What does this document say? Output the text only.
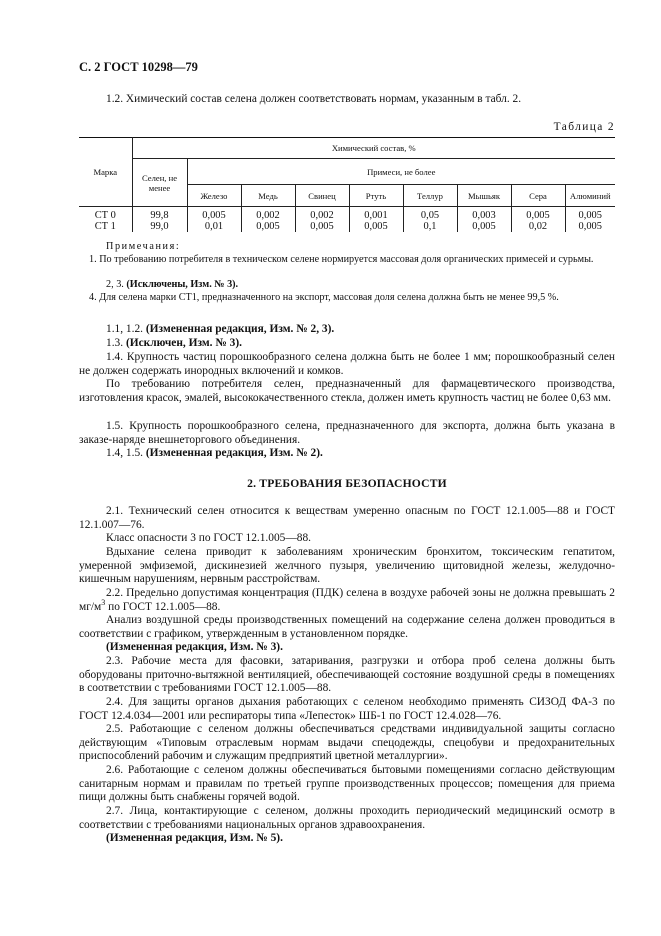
С. 2 ГОСТ 10298—79
1.2. Химический состав селена должен соответствовать нормам, указанным в табл. 2.
Таблица 2
Марка	Химический состав, %								
	Селен, не менее	Примеси, не более							
		Железо	Медь	Свинец	Ртуть	Теллур	Мышьяк	Сера	Алюминий
СТ 0	99,8	0,005	0,002	0,002	0,001	0,05	0,003	0,005	0,005
СТ 1	99,0	0,01	0,005	0,005	0,005	0,1	0,005	0,02	0,005
Примечания:
1. По требованию потребителя в техническом селене нормируется массовая доля органических примесей и сурьмы.
2, 3. (Исключены, Изм. № 3).
4. Для селена марки СТ1, предназначенного на экспорт, массовая доля селена должна быть не менее 99,5 %.
1.1, 1.2. (Измененная редакция, Изм. № 2, 3).
1.3. (Исключен, Изм. № 3).
1.4. Крупность частиц порошкообразного селена должна быть не более 1 мм; порошкообразный селен не должен содержать инородных включений и комков.
По требованию потребителя селен, предназначенный для фармацевтического производства, изготовления красок, эмалей, высококачественного стекла, должен иметь крупность частиц не более 0,63 мм.
1.5. Крупность порошкообразного селена, предназначенного для экспорта, должна быть указана в заказе-наряде внешнеторгового объединения.
1.4, 1.5. (Измененная редакция, Изм. № 2).
2. ТРЕБОВАНИЯ БЕЗОПАСНОСТИ
2.1. Технический селен относится к веществам умеренно опасным по ГОСТ 12.1.005—88 и ГОСТ 12.1.007—76.
Класс опасности 3 по ГОСТ 12.1.005—88.
Вдыхание селена приводит к заболеваниям хроническим бронхитом, токсическим гепатитом, умеренной эмфиземой, дискинезией желчного пузыря, увеличению щитовидной железы, желудочно-кишечным нарушениям, нервным расстройствам.
2.2. Предельно допустимая концентрация (ПДК) селена в воздухе рабочей зоны не должна превышать 2 $мг/м^3$ по ГОСТ 12.1.005—88.
Анализ воздушной среды производственных помещений на содержание селена должен проводиться в соответствии с графиком, утвержденным в установленном порядке.
(Измененная редакция, Изм. № 3).
2.3. Рабочие места для фасовки, затаривания, разгрузки и отбора проб селена должны быть оборудованы приточно-вытяжной вентиляцией, обеспечивающей состояние воздушной среды в помещениях в соответствии с требованиями ГОСТ 12.1.005—88.
2.4. Для защиты органов дыхания работающих с селеном необходимо применять СИЗОД ФА-3 по ГОСТ 12.4.034—2001 или респираторы типа «Лепесток» ШБ-1 по ГОСТ 12.4.028—76.
2.5. Работающие с селеном должны обеспечиваться средствами индивидуальной защиты согласно действующим «Типовым отраслевым нормам выдачи спецодежды, спецобуви и предохранительных приспособлений рабочим и служащим предприятий цветной металлургии».
2.6. Работающие с селеном должны обеспечиваться бытовыми помещениями согласно действующим санитарным нормам и правилам по третьей группе производственных процессов; помещения для приема пищи должны быть снабжены горячей водой.
2.7. Лица, контактирующие с селеном, должны проходить периодический медицинский осмотр в соответствии с требованиями национальных органов здравоохранения.
(Измененная редакция, Изм. № 5).
